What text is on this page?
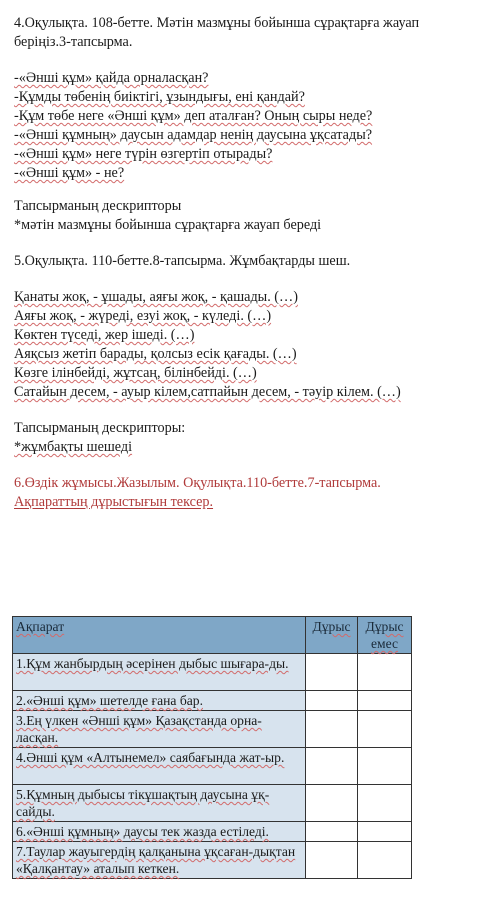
4.Оқулықта. 108-бетте. Мәтін мазмұны бойынша сұрақтарға жауап

беріңіз.3-тапсырма.

-«Әнші құм» қайда орналасқан?

-Құмды төбенің биіктігі, ұзындығы, ені қандай?

-Құм төбе неге «Әнші құм» деп аталған? Оның сыры неде?

-«Әнші құмның» даусын адамдар ненің даусына ұқсатады?

-«Әнші құм» неге түрін өзгертіп отырады?

-«Әнші құм» - не?

Тапсырманың дескрипторы

*мәтін мазмұны бойынша сұрақтарға жауап береді

5.Оқулықта. 110-бетте.8-тапсырма. Жұмбақтарды шеш.

Қанаты жоқ, - ұшады, аяғы жоқ, - қашады. (…)

Аяғы жоқ, - жүреді, езуі жоқ, - күледі. (…)

Көктен түседі, жер ішеді. (…)

Аяқсыз жетіп барады, қолсыз есік қағады. (…)

Көзге ілінбейді, жұтсаң, білінбейді. (…)

Сатайын десем, - ауыр кілем,сатпайын десем, - тәуір кілем. (…)

Тапсырманың дескрипторы:

*жұмбақты шешеді

6.Өздік жұмысы.Жазылым. Оқулықта.110-бетте.7-тапсырма.

Ақпараттың дұрыстығын тексер.

Ақпарат	Дұрыс	Дұрыс емес
1.Құм жанбырдың әсерінен дыбыс шығара-ды.		
2.«Әнші құм» шетелде ғана бар.		
3.Ең үлкен «Әнші құм» Қазақстанда орна-ласқан.		
4.Әнші құм «Алтынемел» саябағында жат-ыр.		
5.Құмның дыбысы тікұшақтың даусына ұқ-сайды.		
6.«Әнші құмның» даусы тек жазда естіледі.		
7.Таулар жауыгердің қалқанына ұқсаған-дықтан «Қалқантау» аталып кеткен.		
